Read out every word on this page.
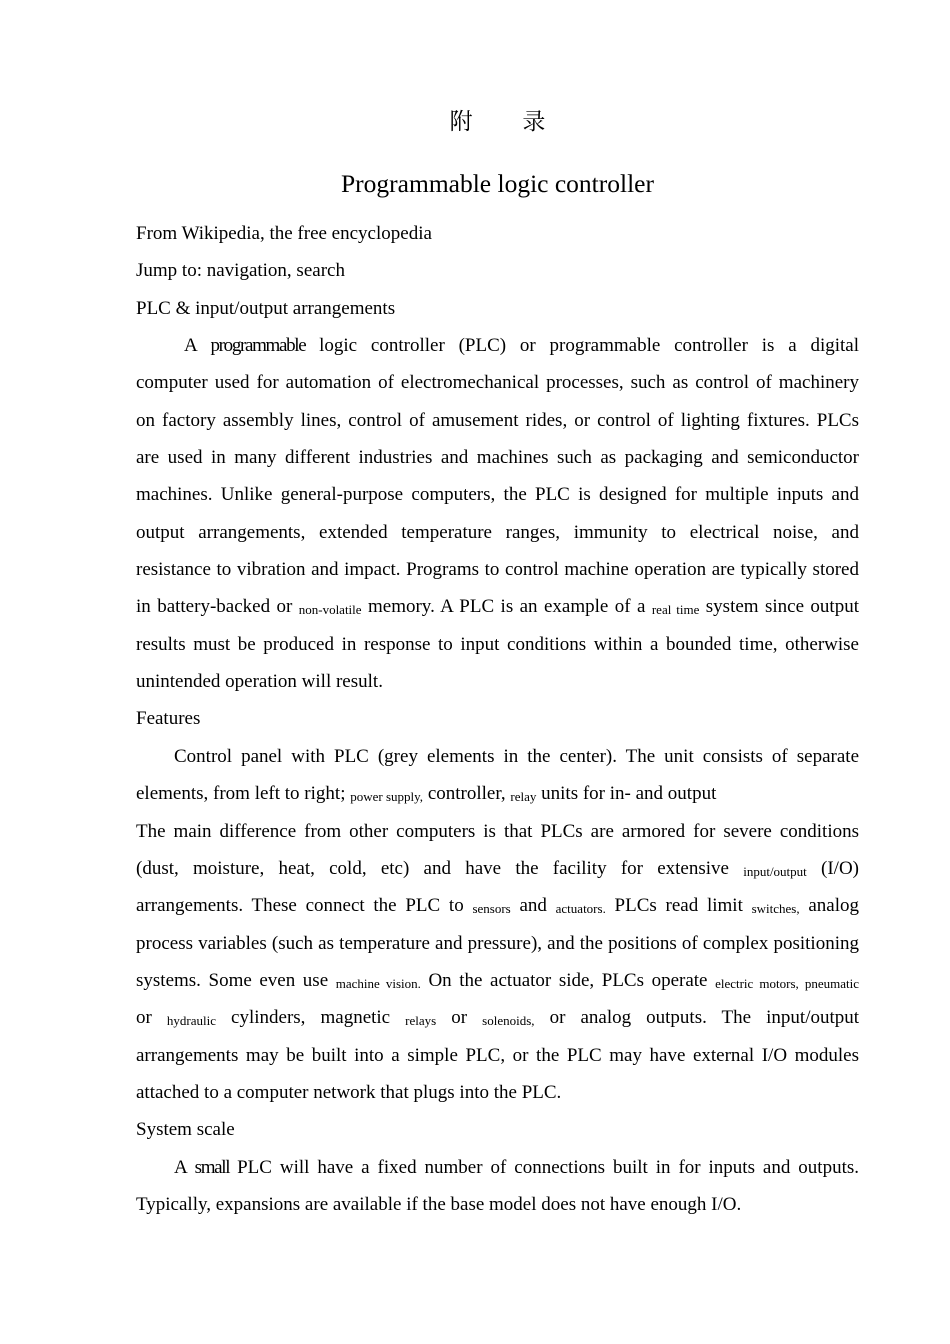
附 录
Programmable logic controller
From Wikipedia, the free encyclopedia
Jump to: navigation, search
PLC & input/output arrangements
A programmable logic controller (PLC) or programmable controller is a digital
computer used for automation of electromechanical processes, such as control of machinery
on factory assembly lines, control of amusement rides, or control of lighting fixtures. PLCs
are used in many different industries and machines such as packaging and semiconductor
machines. Unlike general-purpose computers, the PLC is designed for multiple inputs and
output arrangements, extended temperature ranges, immunity to electrical noise, and
resistance to vibration and impact. Programs to control machine operation are typically stored
in battery-backed or non-volatile memory. A PLC is an example of a real time system since output
results must be produced in response to input conditions within a bounded time, otherwise
unintended operation will result.
Features
Control panel with PLC (grey elements in the center). The unit consists of separate
elements, from left to right; power supply, controller, relay units for in- and output
The main difference from other computers is that PLCs are armored for severe conditions
(dust, moisture, heat, cold, etc) and have the facility for extensive input/output (I/O)
arrangements. These connect the PLC to sensors and actuators. PLCs read limit switches, analog
process variables (such as temperature and pressure), and the positions of complex positioning
systems. Some even use machine vision. On the actuator side, PLCs operate electric motors, pneumatic
or hydraulic cylinders, magnetic relays or solenoids, or analog outputs. The input/output
arrangements may be built into a simple PLC, or the PLC may have external I/O modules
attached to a computer network that plugs into the PLC.
System scale
A small PLC will have a fixed number of connections built in for inputs and outputs.
Typically, expansions are available if the base model does not have enough I/O.
